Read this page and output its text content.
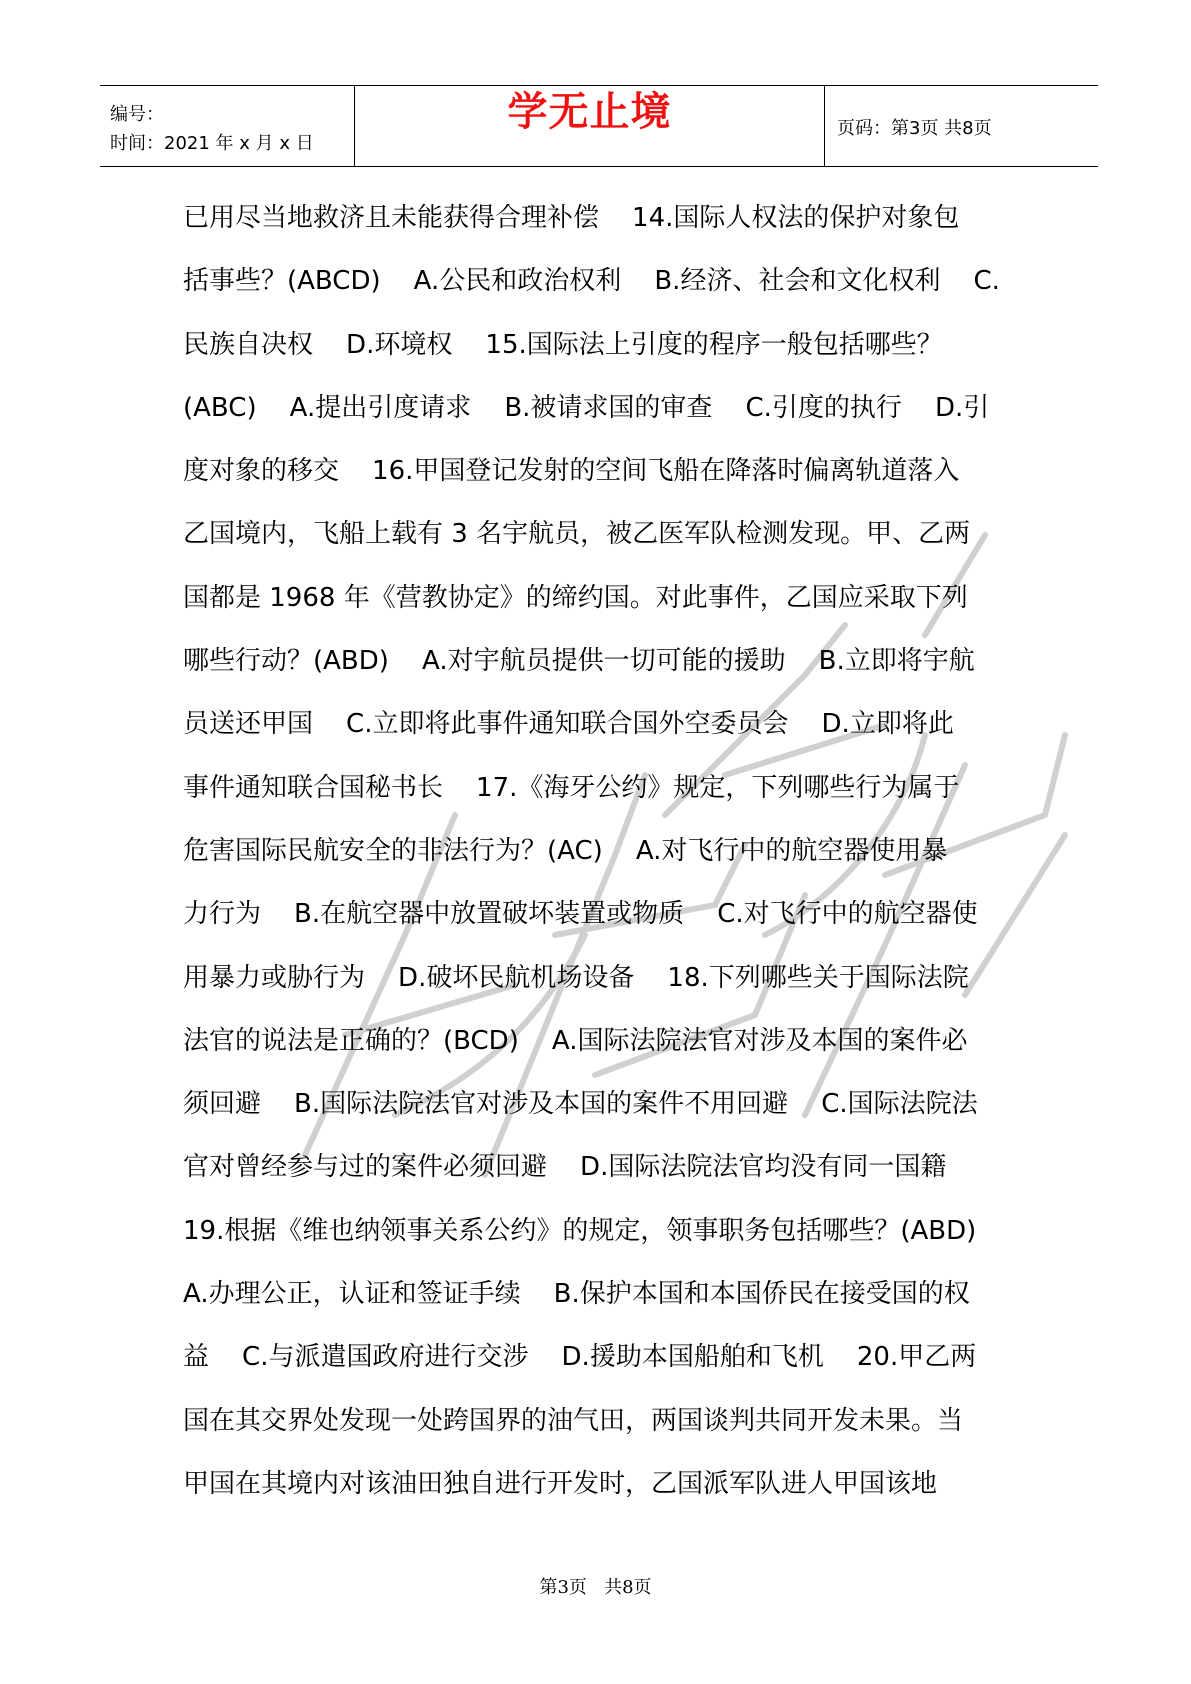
编号：
时间：2021 年 x 月 x 日
学无止境	页码：第3页 共8页
已用尽当地救济且未能获得合理补偿    14.国际人权法的保护对象包
括事些？(ABCD)    A.公民和政治权利    B.经济、社会和文化权利    C.
民族自决权    D.环境权    15.国际法上引度的程序一般包括哪些？
(ABC)    A.提出引度请求    B.被请求国的审查    C.引度的执行    D.引
度对象的移交    16.甲国登记发射的空间飞船在降落时偏离轨道落入
乙国境内，飞船上载有 3 名宇航员，被乙医军队检测发现。甲、乙两
国都是 1968 年《营教协定》的缔约国。对此事件，乙国应采取下列
哪些行动？(ABD)    A.对宇航员提供一切可能的援助    B.立即将宇航
员送还甲国    C.立即将此事件通知联合国外空委员会    D.立即将此
事件通知联合国秘书长    17.《海牙公约》规定，下列哪些行为属于
危害国际民航安全的非法行为？(AC)    A.对飞行中的航空器使用暴
力行为    B.在航空器中放置破坏装置或物质    C.对飞行中的航空器使
用暴力或胁行为    D.破坏民航机场设备    18.下列哪些关于国际法院
法官的说法是正确的？(BCD)    A.国际法院法官对涉及本国的案件必
须回避    B.国际法院法官对涉及本国的案件不用回避    C.国际法院法
官对曾经参与过的案件必须回避    D.国际法院法官均没有同一国籍
19.根据《维也纳领事关系公约》的规定，领事职务包括哪些？(ABD)
A.办理公正，认证和签证手续    B.保护本国和本国侨民在接受国的权
益    C.与派遣国政府进行交涉    D.援助本国船舶和飞机    20.甲乙两
国在其交界处发现一处跨国界的油气田，两国谈判共同开发未果。当
甲国在其境内对该油田独自进行开发时，乙国派军队进人甲国该地
第3页   共8页
